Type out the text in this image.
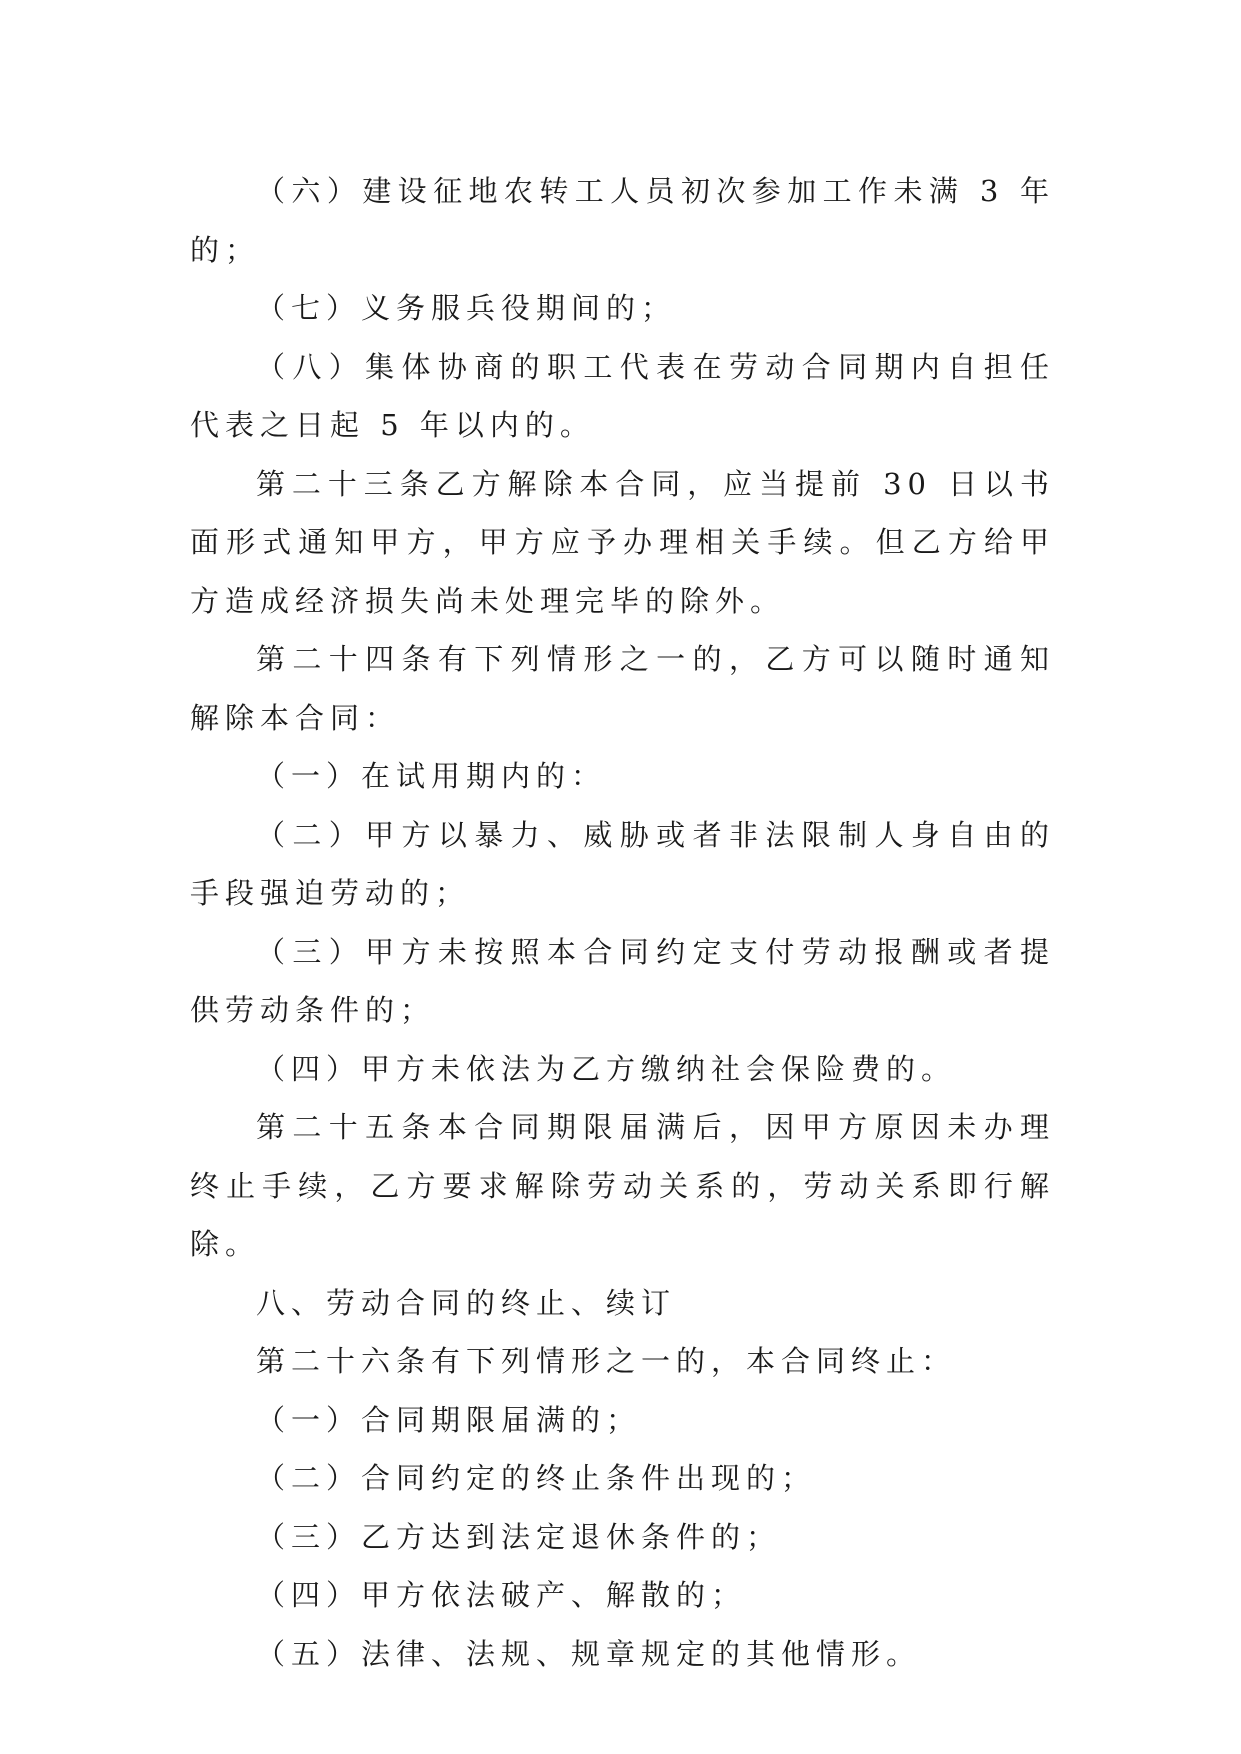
（六）建设征地农转工人员初次参加工作未满 3 年的；

（七）义务服兵役期间的；

（八）集体协商的职工代表在劳动合同期内自担任代表之日起 5 年以内的。

第二十三条乙方解除本合同，应当提前 30 日以书面形式通知甲方，甲方应予办理相关手续。但乙方给甲方造成经济损失尚未处理完毕的除外。

第二十四条有下列情形之一的，乙方可以随时通知解除本合同：

（一）在试用期内的：

（二）甲方以暴力、威胁或者非法限制人身自由的手段强迫劳动的；

（三）甲方未按照本合同约定支付劳动报酬或者提供劳动条件的；

（四）甲方未依法为乙方缴纳社会保险费的。

第二十五条本合同期限届满后，因甲方原因未办理终止手续，乙方要求解除劳动关系的，劳动关系即行解除。

八、劳动合同的终止、续订

第二十六条有下列情形之一的，本合同终止：

（一）合同期限届满的；

（二）合同约定的终止条件出现的；

（三）乙方达到法定退休条件的；

（四）甲方依法破产、解散的；

（五）法律、法规、规章规定的其他情形。
